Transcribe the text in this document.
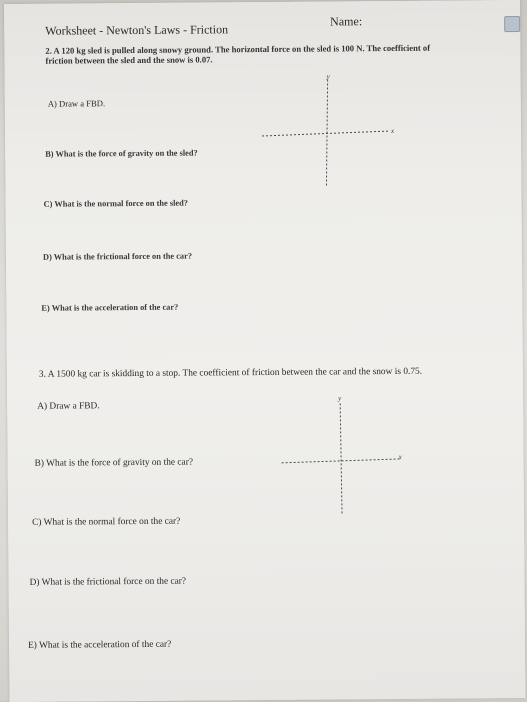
Worksheet - Newton's Laws - Friction
Name:
2. A 120 kg sled is pulled along snowy ground. The horizontal force on the sled is 100 N. The coefficient of
friction between the sled and the snow is 0.07.
A) Draw a FBD.
B) What is the force of gravity on the sled?
C) What is the normal force on the sled?
D) What is the frictional force on the car?
E) What is the acceleration of the car?
y
x
3. A 1500 kg car is skidding to a stop. The coefficient of friction between the car and the snow is 0.75.
A) Draw a FBD.
B) What is the force of gravity on the car?
C) What is the normal force on the car?
D) What is the frictional force on the car?
E) What is the acceleration of the car?
y
x
